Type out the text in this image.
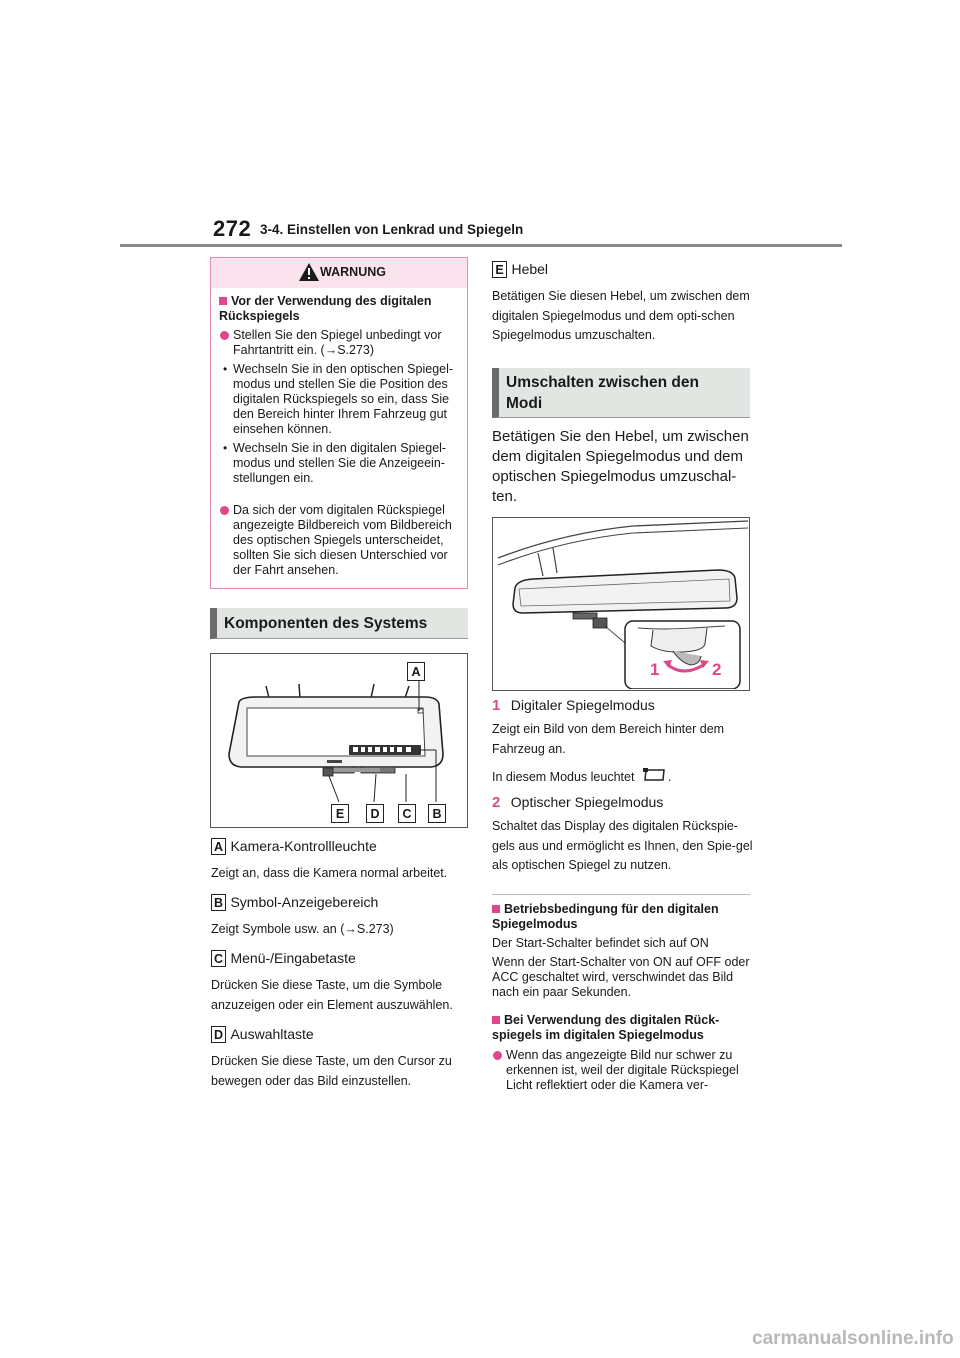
272 3-4. Einstellen von Lenkrad und Spiegeln
WARNUNG
Vor der Verwendung des digitalen Rückspiegels
Stellen Sie den Spiegel unbedingt vor Fahrtantritt ein. (→S.273)
• Wechseln Sie in den optischen Spiegel-modus und stellen Sie die Position des digitalen Rückspiegels so ein, dass Sie den Bereich hinter Ihrem Fahrzeug gut einsehen können.
• Wechseln Sie in den digitalen Spiegel-modus und stellen Sie die Anzeigeein-stellungen ein.
Da sich der vom digitalen Rückspiegel angezeigte Bildbereich vom Bildbereich des optischen Spiegels unterscheidet, sollten Sie sich diesen Unterschied vor der Fahrt ansehen.
Komponenten des Systems
A
E	D	C	B
A Kamera-Kontrollleuchte
Zeigt an, dass die Kamera normal arbeitet.
B Symbol-Anzeigebereich
Zeigt Symbole usw. an (→S.273)
C Menü-/Eingabetaste
Drücken Sie diese Taste, um die Symbole anzuzeigen oder ein Element auszuwählen.
D Auswahltaste
Drücken Sie diese Taste, um den Cursor zu bewegen oder das Bild einzustellen.
E Hebel
Betätigen Sie diesen Hebel, um zwischen dem digitalen Spiegelmodus und dem opti-schen Spiegelmodus umzuschalten.
Umschalten zwischen den Modi
Betätigen Sie den Hebel, um zwischen dem digitalen Spiegelmodus und dem optischen Spiegelmodus umzuschal-ten.
1	2
1 Digitaler Spiegelmodus
Zeigt ein Bild von dem Bereich hinter dem Fahrzeug an.
In diesem Modus leuchtet	.
2 Optischer Spiegelmodus
Schaltet das Display des digitalen Rückspie-gels aus und ermöglicht es Ihnen, den Spie-gel als optischen Spiegel zu nutzen.
Betriebsbedingung für den digitalen Spiegelmodus
Der Start-Schalter befindet sich auf ON
Wenn der Start-Schalter von ON auf OFF oder ACC geschaltet wird, verschwindet das Bild nach ein paar Sekunden.
Bei Verwendung des digitalen Rück-spiegels im digitalen Spiegelmodus
Wenn das angezeigte Bild nur schwer zu erkennen ist, weil der digitale Rückspiegel Licht reflektiert oder die Kamera ver-
carmanualsonline.info
